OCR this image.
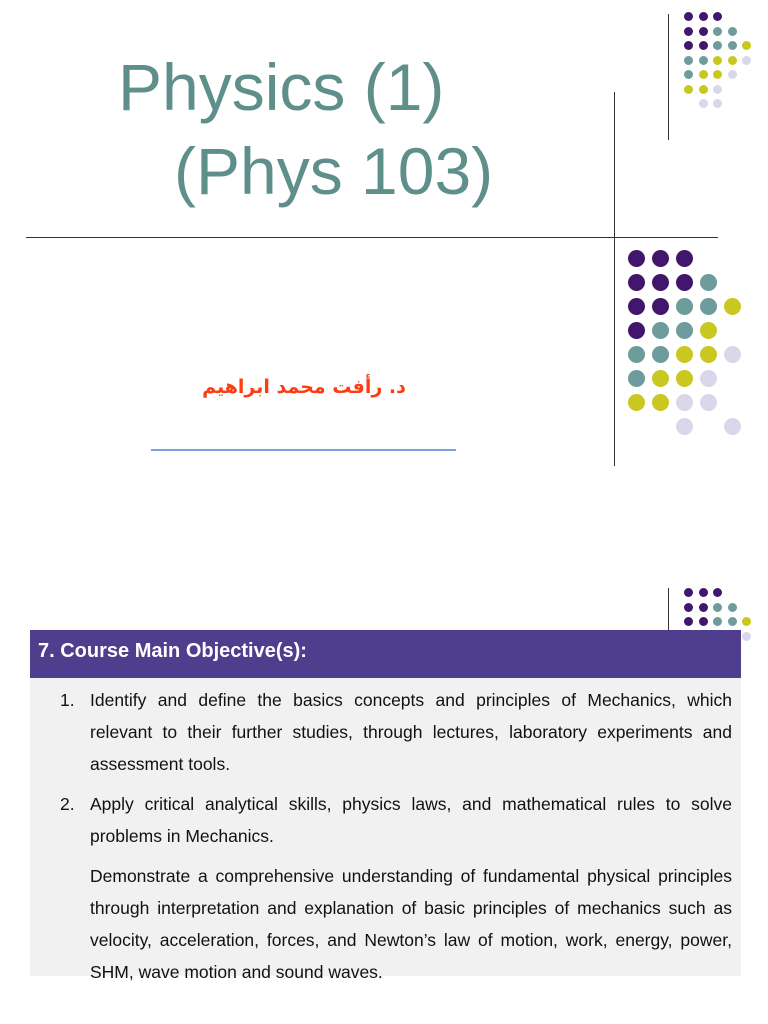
Physics (1)
(Phys 103)
د. رأفت محمد ابراهيم
7. Course Main Objective(s):
1. Identify and define the basics concepts and principles of Mechanics, which relevant to their further studies, through lectures, laboratory experiments and assessment tools.
2. Apply critical analytical skills, physics laws, and mathematical rules to solve problems in Mechanics.
Demonstrate a comprehensive understanding of fundamental physical principles through interpretation and explanation of basic principles of mechanics such as velocity, acceleration, forces, and Newton’s law of motion, work, energy, power, SHM, wave motion and sound waves.
